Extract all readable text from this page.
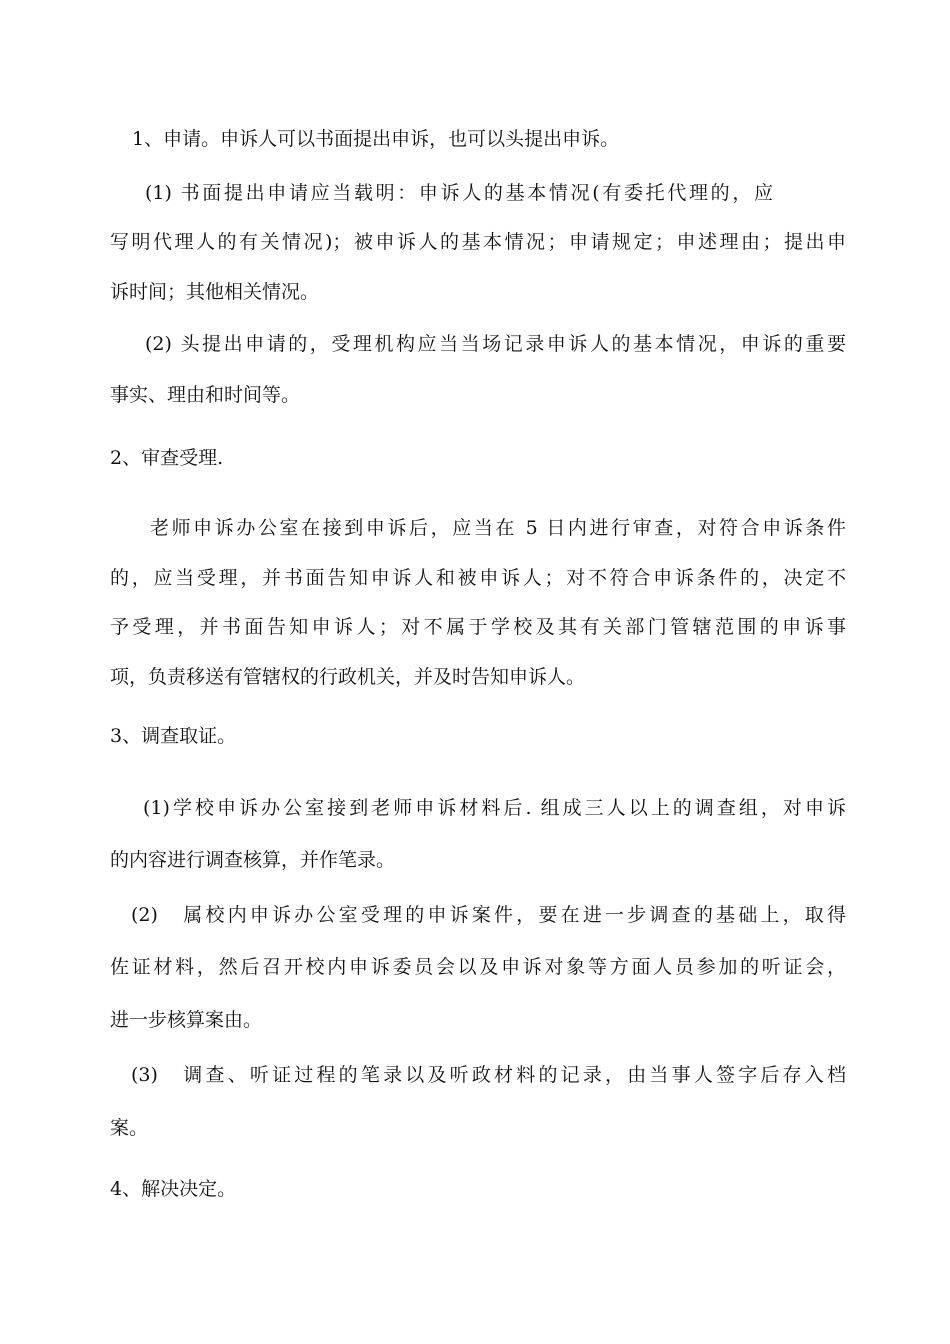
1、申请。申诉人可以书面提出申诉，也可以头提出申诉。
(1) 书面提出申请应当载明：申诉人的基本情况(有委托代理的，应
写明代理人的有关情况)；被申诉人的基本情况；申请规定；申述理由；提出申
诉时间；其他相关情况。
(2) 头提出申请的，受理机构应当当场记录申诉人的基本情况，申诉的重要
事实、理由和时间等。
2、审查受理.
老师申诉办公室在接到申诉后，应当在 5 日内进行审查，对符合申诉条件
的，应当受理，并书面告知申诉人和被申诉人；对不符合申诉条件的，决定不
予受理，并书面告知申诉人；对不属于学校及其有关部门管辖范围的申诉事
项，负责移送有管辖权的行政机关，并及时告知申诉人。
3、调查取证。
(1)学校申诉办公室接到老师申诉材料后. 组成三人以上的调查组，对申诉
的内容进行调查核算，并作笔录。
(2)　属校内申诉办公室受理的申诉案件，要在进一步调查的基础上，取得
佐证材料，然后召开校内申诉委员会以及申诉对象等方面人员参加的听证会，
进一步核算案由。
(3)　调查、听证过程的笔录以及听政材料的记录，由当事人签字后存入档
案。
4、解决决定。
